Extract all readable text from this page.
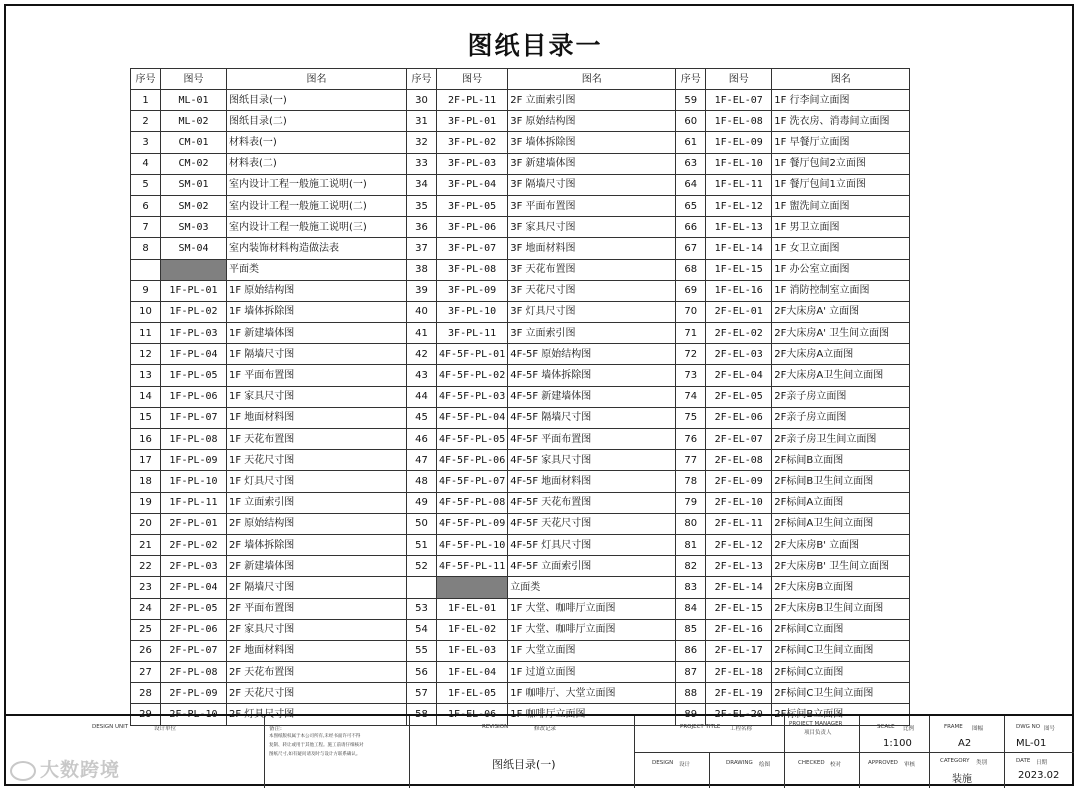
图纸目录一
序号	图号	图名	序号	图号	图名	序号	图号	图名
1	ML-01	图纸目录(一)	30	2F-PL-11	2F 立面索引图	59	1F-EL-07	1F 行李间立面图
2	ML-02	图纸目录(二)	31	3F-PL-01	3F 原始结构图	60	1F-EL-08	1F 洗衣房、消毒间立面图
3	CM-01	材料表(一)	32	3F-PL-02	3F 墙体拆除图	61	1F-EL-09	1F 早餐厅立面图
4	CM-02	材料表(二)	33	3F-PL-03	3F 新建墙体图	63	1F-EL-10	1F 餐厅包间2立面图
5	SM-01	室内设计工程一般施工说明(一)	34	3F-PL-04	3F 隔墙尺寸图	64	1F-EL-11	1F 餐厅包间1立面图
6	SM-02	室内设计工程一般施工说明(二)	35	3F-PL-05	3F 平面布置图	65	1F-EL-12	1F 盥洗间立面图
7	SM-03	室内设计工程一般施工说明(三)	36	3F-PL-06	3F 家具尺寸图	66	1F-EL-13	1F 男卫立面图
8	SM-04	室内装饰材料构造做法表	37	3F-PL-07	3F 地面材料图	67	1F-EL-14	1F 女卫立面图
		平面类	38	3F-PL-08	3F 天花布置图	68	1F-EL-15	1F 办公室立面图
9	1F-PL-01	1F 原始结构图	39	3F-PL-09	3F 天花尺寸图	69	1F-EL-16	1F 消防控制室立面图
10	1F-PL-02	1F 墙体拆除图	40	3F-PL-10	3F 灯具尺寸图	70	2F-EL-01	2F大床房A' 立面图
11	1F-PL-03	1F 新建墙体图	41	3F-PL-11	3F 立面索引图	71	2F-EL-02	2F大床房A' 卫生间立面图
12	1F-PL-04	1F 隔墙尺寸图	42	4F-5F-PL-01	4F-5F 原始结构图	72	2F-EL-03	2F大床房A立面图
13	1F-PL-05	1F 平面布置图	43	4F-5F-PL-02	4F-5F 墙体拆除图	73	2F-EL-04	2F大床房A卫生间立面图
14	1F-PL-06	1F 家具尺寸图	44	4F-5F-PL-03	4F-5F 新建墙体图	74	2F-EL-05	2F亲子房立面图
15	1F-PL-07	1F 地面材料图	45	4F-5F-PL-04	4F-5F 隔墙尺寸图	75	2F-EL-06	2F亲子房立面图
16	1F-PL-08	1F 天花布置图	46	4F-5F-PL-05	4F-5F 平面布置图	76	2F-EL-07	2F亲子房卫生间立面图
17	1F-PL-09	1F 天花尺寸图	47	4F-5F-PL-06	4F-5F 家具尺寸图	77	2F-EL-08	2F标间B立面图
18	1F-PL-10	1F 灯具尺寸图	48	4F-5F-PL-07	4F-5F 地面材料图	78	2F-EL-09	2F标间B卫生间立面图
19	1F-PL-11	1F 立面索引图	49	4F-5F-PL-08	4F-5F 天花布置图	79	2F-EL-10	2F标间A立面图
20	2F-PL-01	2F 原始结构图	50	4F-5F-PL-09	4F-5F 天花尺寸图	80	2F-EL-11	2F标间A卫生间立面图
21	2F-PL-02	2F 墙体拆除图	51	4F-5F-PL-10	4F-5F 灯具尺寸图	81	2F-EL-12	2F大床房B' 立面图
22	2F-PL-03	2F 新建墙体图	52	4F-5F-PL-11	4F-5F 立面索引图	82	2F-EL-13	2F大床房B' 卫生间立面图
23	2F-PL-04	2F 隔墙尺寸图			立面类	83	2F-EL-14	2F大床房B立面图
24	2F-PL-05	2F 平面布置图	53	1F-EL-01	1F 大堂、咖啡厅立面图	84	2F-EL-15	2F大床房B卫生间立面图
25	2F-PL-06	2F 家具尺寸图	54	1F-EL-02	1F 大堂、咖啡厅立面图	85	2F-EL-16	2F标间C立面图
26	2F-PL-07	2F 地面材料图	55	1F-EL-03	1F 大堂立面图	86	2F-EL-17	2F标间C卫生间立面图
27	2F-PL-08	2F 天花布置图	56	1F-EL-04	1F 过道立面图	87	2F-EL-18	2F标间C立面图
28	2F-PL-09	2F 天花尺寸图	57	1F-EL-05	1F 咖啡厅、大堂立面图	88	2F-EL-19	2F标间C卫生间立面图
29	2F-PL-10	2F 灯具尺寸图	58	1F-EL-06	1F 咖啡厅立面图	89	2F-EL-20	2F标间B立面图
DESIGN UNIT	设计单位	备注:
本图纸版权属于本公司所有,未经书面许可不得复制、转让或用于其他工程。施工前请仔细核对图纸尺寸,如有疑问请及时与设计方联系确认。
REVISION	修改记录
图纸目录(一)
PROJECT TITLE 工程名称
PROJECT MANAGER
项目负责人
SCALE 比例
1:100
FRAME 图幅
A2
DWG NO 图号
ML-01
DESIGN 设计	DRAWING 绘图	CHECKED 校对	APPROVED 审核
CATEGORY 类别
装施
DATE 日期
2023.02
大数跨境
